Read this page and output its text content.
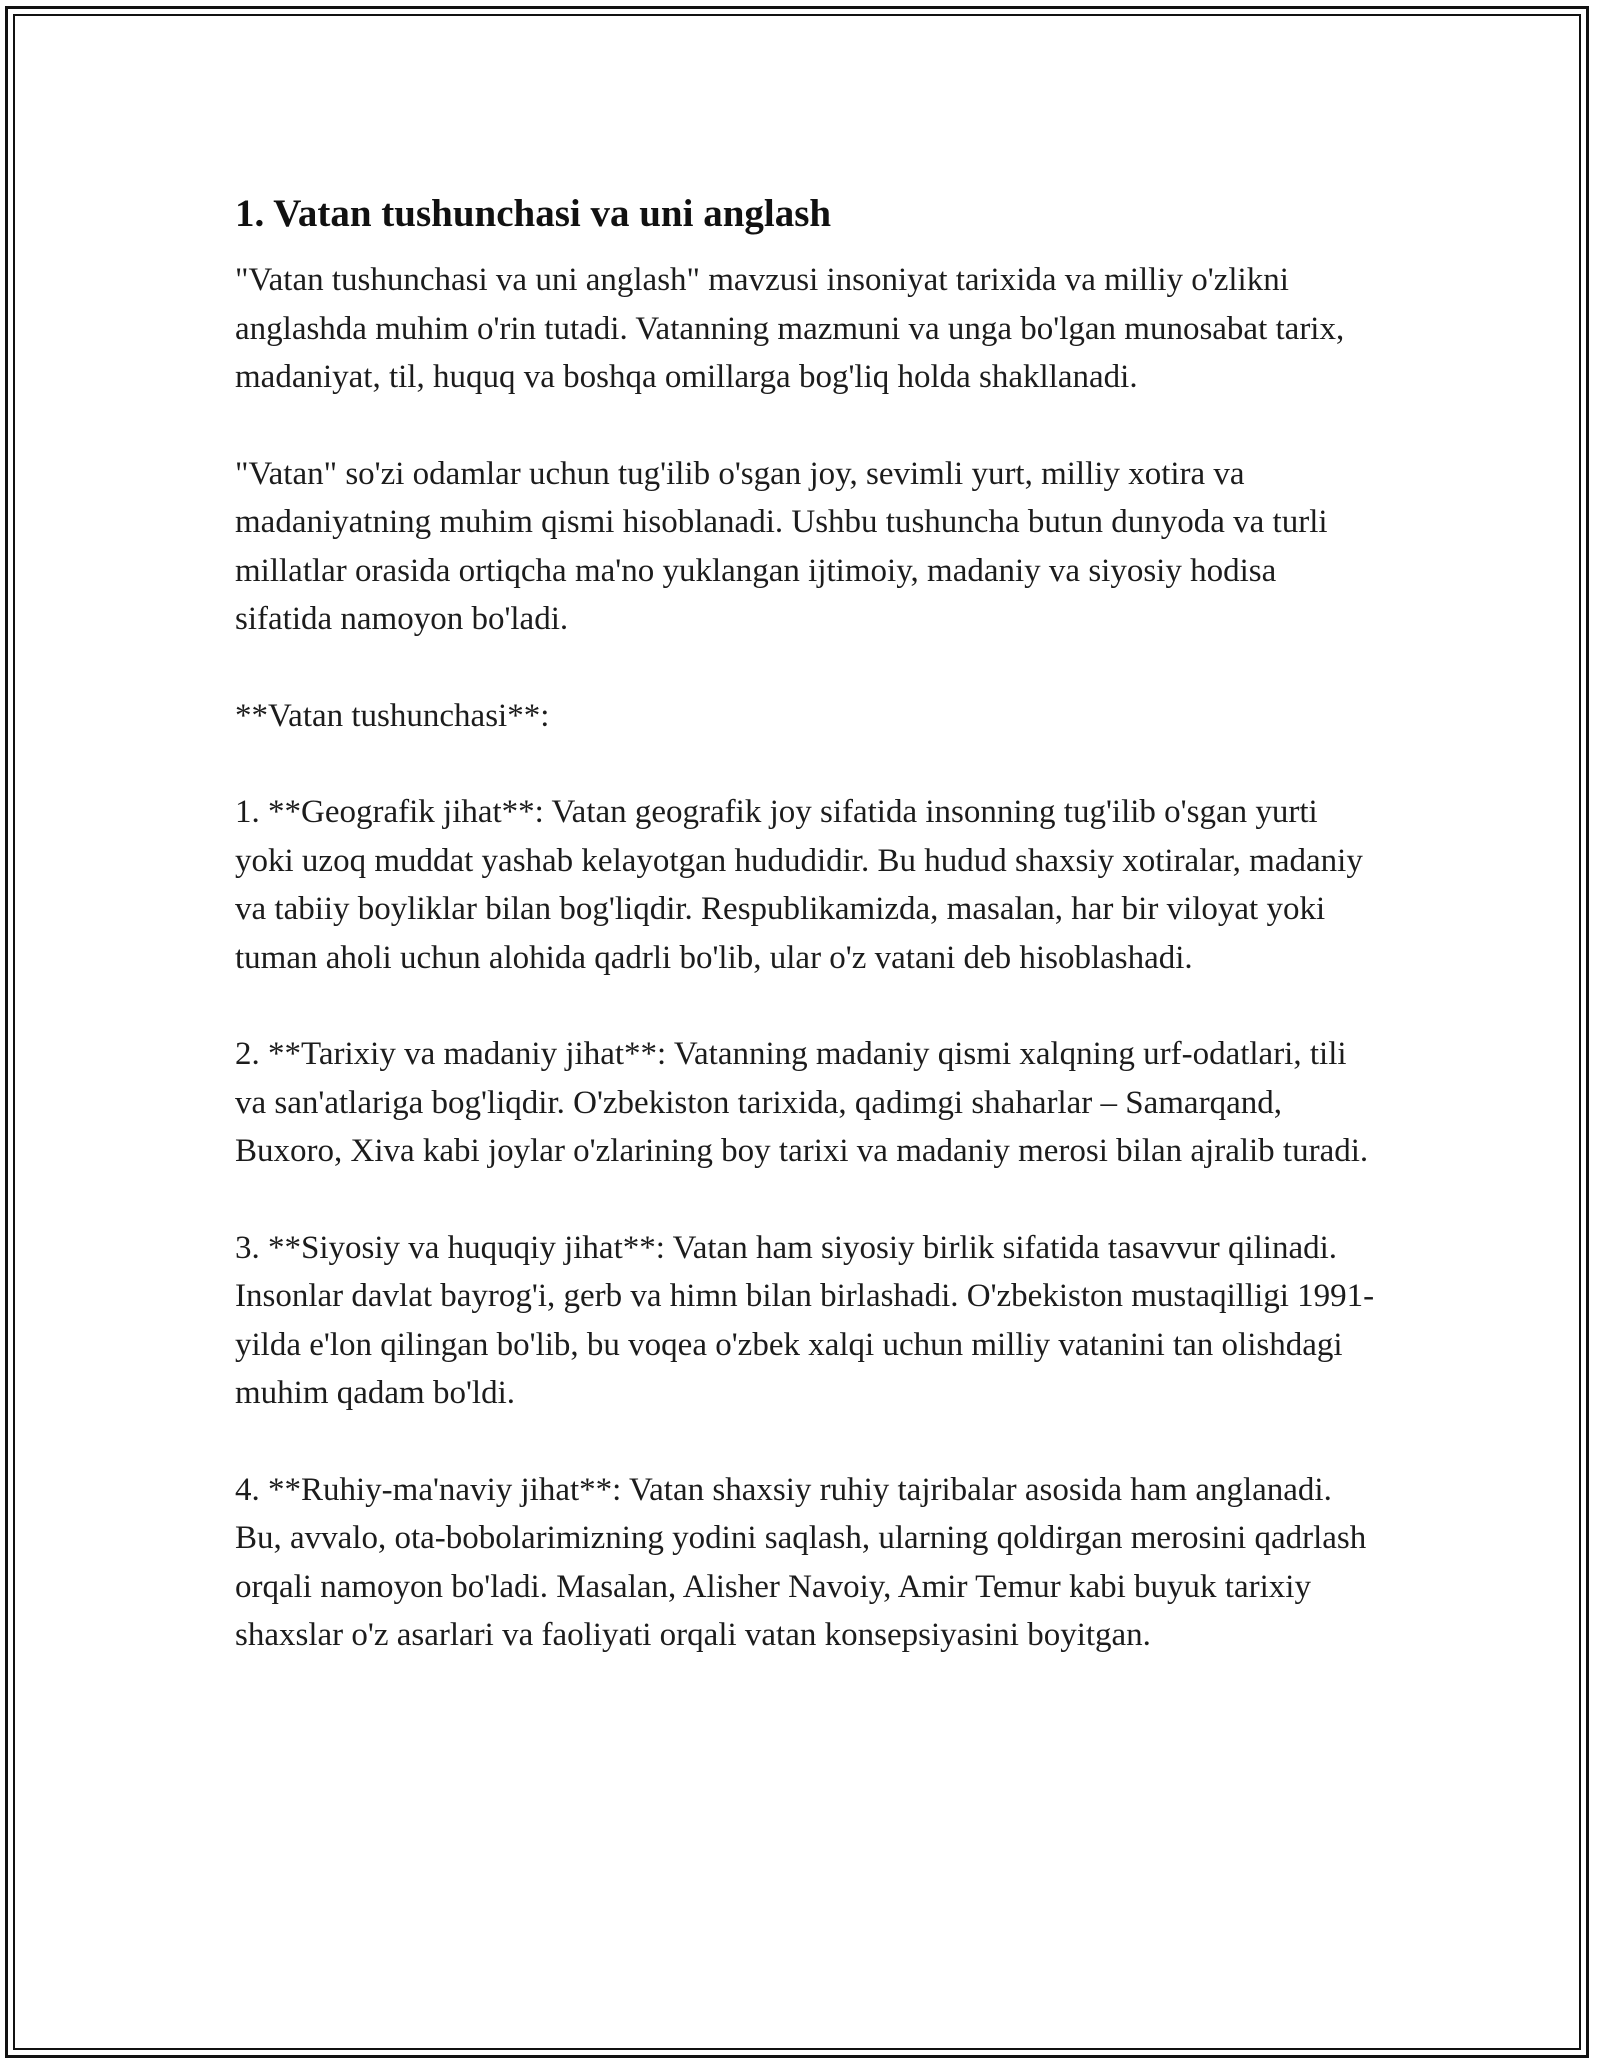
1. Vatan tushunchasi va uni anglash

"Vatan tushunchasi va uni anglash" mavzusi insoniyat tarixida va milliy o'zlikni anglashda muhim o'rin tutadi. Vatanning mazmuni va unga bo'lgan munosabat tarix, madaniyat, til, huquq va boshqa omillarga bog'liq holda shakllanadi.

"Vatan" so'zi odamlar uchun tug'ilib o'sgan joy, sevimli yurt, milliy xotira va madaniyatning muhim qismi hisoblanadi. Ushbu tushuncha butun dunyoda va turli millatlar orasida ortiqcha ma'no yuklangan ijtimoiy, madaniy va siyosiy hodisa sifatida namoyon bo'ladi.

**Vatan tushunchasi**:

1. **Geografik jihat**: Vatan geografik joy sifatida insonning tug'ilib o'sgan yurti yoki uzoq muddat yashab kelayotgan hududidir. Bu hudud shaxsiy xotiralar, madaniy va tabiiy boyliklar bilan bog'liqdir. Respublikamizda, masalan, har bir viloyat yoki tuman aholi uchun alohida qadrli bo'lib, ular o'z vatani deb hisoblashadi.

2. **Tarixiy va madaniy jihat**: Vatanning madaniy qismi xalqning urf-odatlari, tili va san'atlariga bog'liqdir. O'zbekiston tarixida, qadimgi shaharlar – Samarqand, Buxoro, Xiva kabi joylar o'zlarining boy tarixi va madaniy merosi bilan ajralib turadi.

3. **Siyosiy va huquqiy jihat**: Vatan ham siyosiy birlik sifatida tasavvur qilinadi. Insonlar davlat bayrog'i, gerb va himn bilan birlashadi. O'zbekiston mustaqilligi 1991-yilda e'lon qilingan bo'lib, bu voqea o'zbek xalqi uchun milliy vatanini tan olishdagi muhim qadam bo'ldi.

4. **Ruhiy-ma'naviy jihat**: Vatan shaxsiy ruhiy tajribalar asosida ham anglanadi. Bu, avvalo, ota-bobolarimizning yodini saqlash, ularning qoldirgan merosini qadrlash orqali namoyon bo'ladi. Masalan, Alisher Navoiy, Amir Temur kabi buyuk tarixiy shaxslar o'z asarlari va faoliyati orqali vatan konsepsiyasini boyitgan.
